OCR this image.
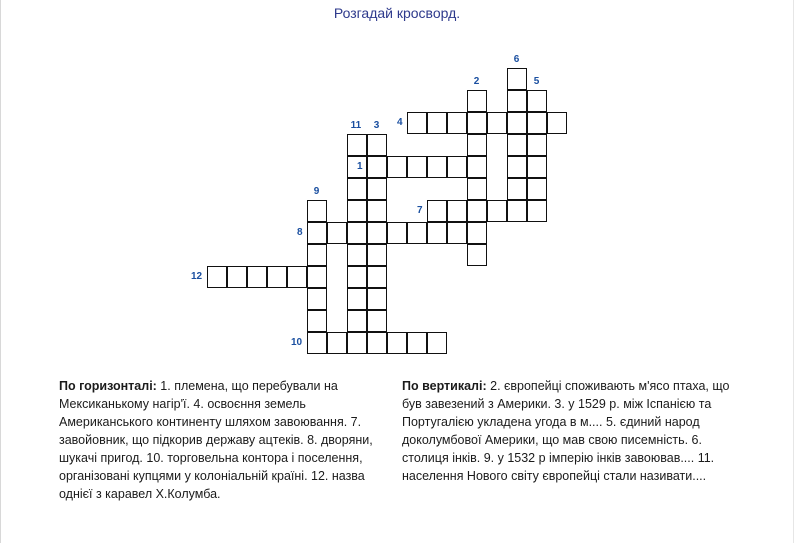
Розгадай кросворд.
1
4
7
8
10
12
2
3
5
6
9
11
По горизонталі: 1. племена, що перебували на Мексиканькому нагір'ї. 4. освоєння земель Американського континенту шляхом завоювання. 7. завойовник, що підкорив державу ацтеків. 8. дворяни, шукачі пригод. 10. торговельна контора і поселення, організовані купцями у колоніальній країні. 12. назва однієї з каравел Х.Колумба.
По вертикалі: 2. європейці споживають м'ясо птаха, що був завезений з Америки. 3. у 1529 р. між Іспанією та Португалією укладена угода в м.... 5. єдиний народ доколумбової Америки, що мав свою писемність. 6. столиця інків. 9. у 1532 р імперію інків завоював.... 11. населення Нового світу європейці стали називати....
